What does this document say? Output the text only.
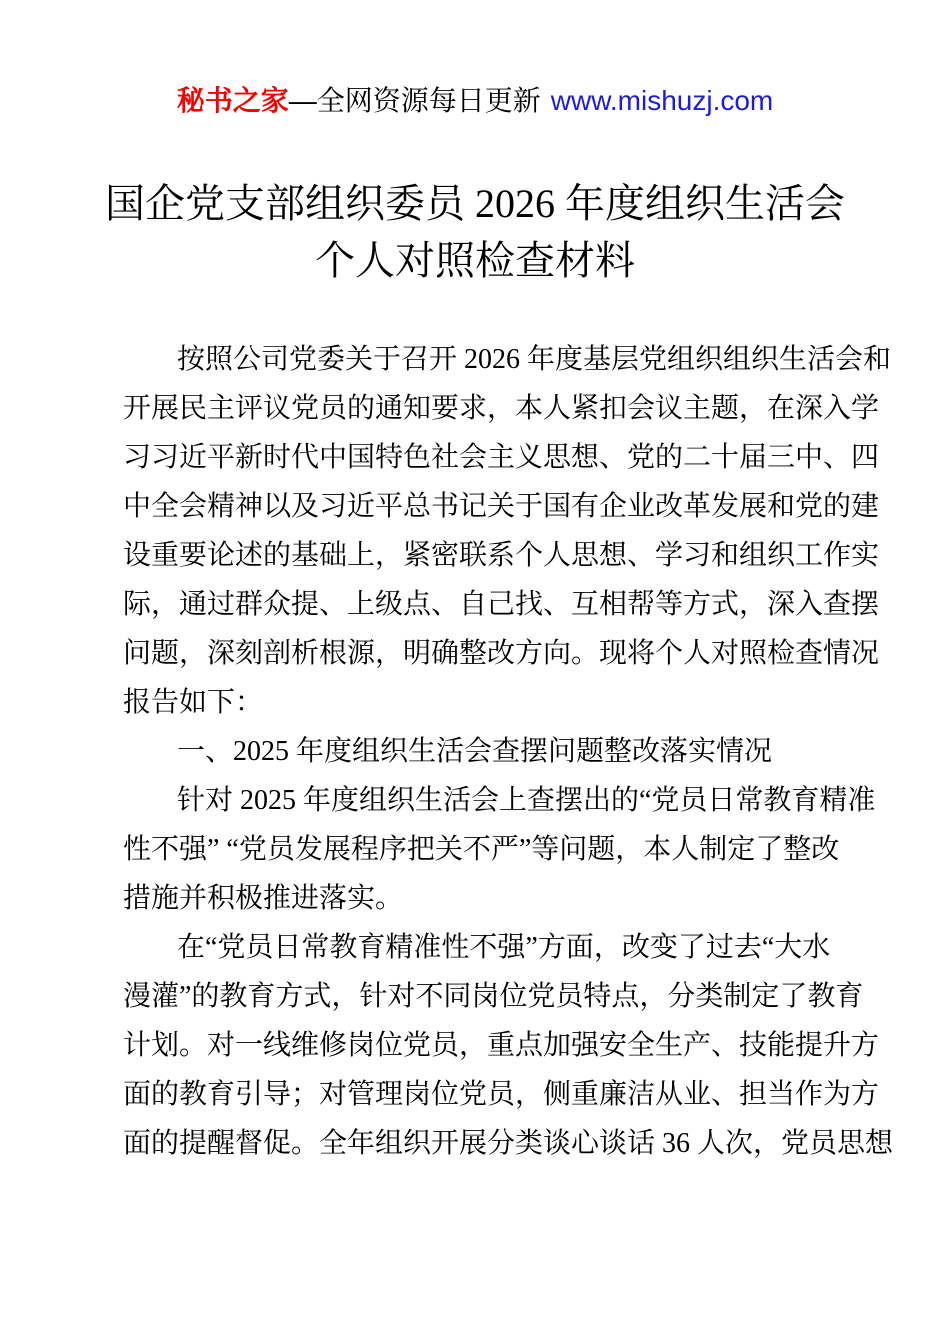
秘书之家—全网资源每日更新 www.mishuzj.com
国企党支部组织委员 2026 年度组织生活会
个人对照检查材料
按照公司党委关于召开 2026 年度基层党组织组织生活会和
开展民主评议党员的通知要求，本人紧扣会议主题，在深入学
习习近平新时代中国特色社会主义思想、党的二十届三中、四
中全会精神以及习近平总书记关于国有企业改革发展和党的建
设重要论述的基础上，紧密联系个人思想、学习和组织工作实
际，通过群众提、上级点、自己找、互相帮等方式，深入查摆
问题，深刻剖析根源，明确整改方向。现将个人对照检查情况
报告如下：
一、2025 年度组织生活会查摆问题整改落实情况
针对 2025 年度组织生活会上查摆出的“党员日常教育精准
性不强” “党员发展程序把关不严”等问题，本人制定了整改
措施并积极推进落实。
在“党员日常教育精准性不强”方面，改变了过去“大水
漫灌”的教育方式，针对不同岗位党员特点，分类制定了教育
计划。对一线维修岗位党员，重点加强安全生产、技能提升方
面的教育引导；对管理岗位党员，侧重廉洁从业、担当作为方
面的提醒督促。全年组织开展分类谈心谈话 36 人次，党员思想
